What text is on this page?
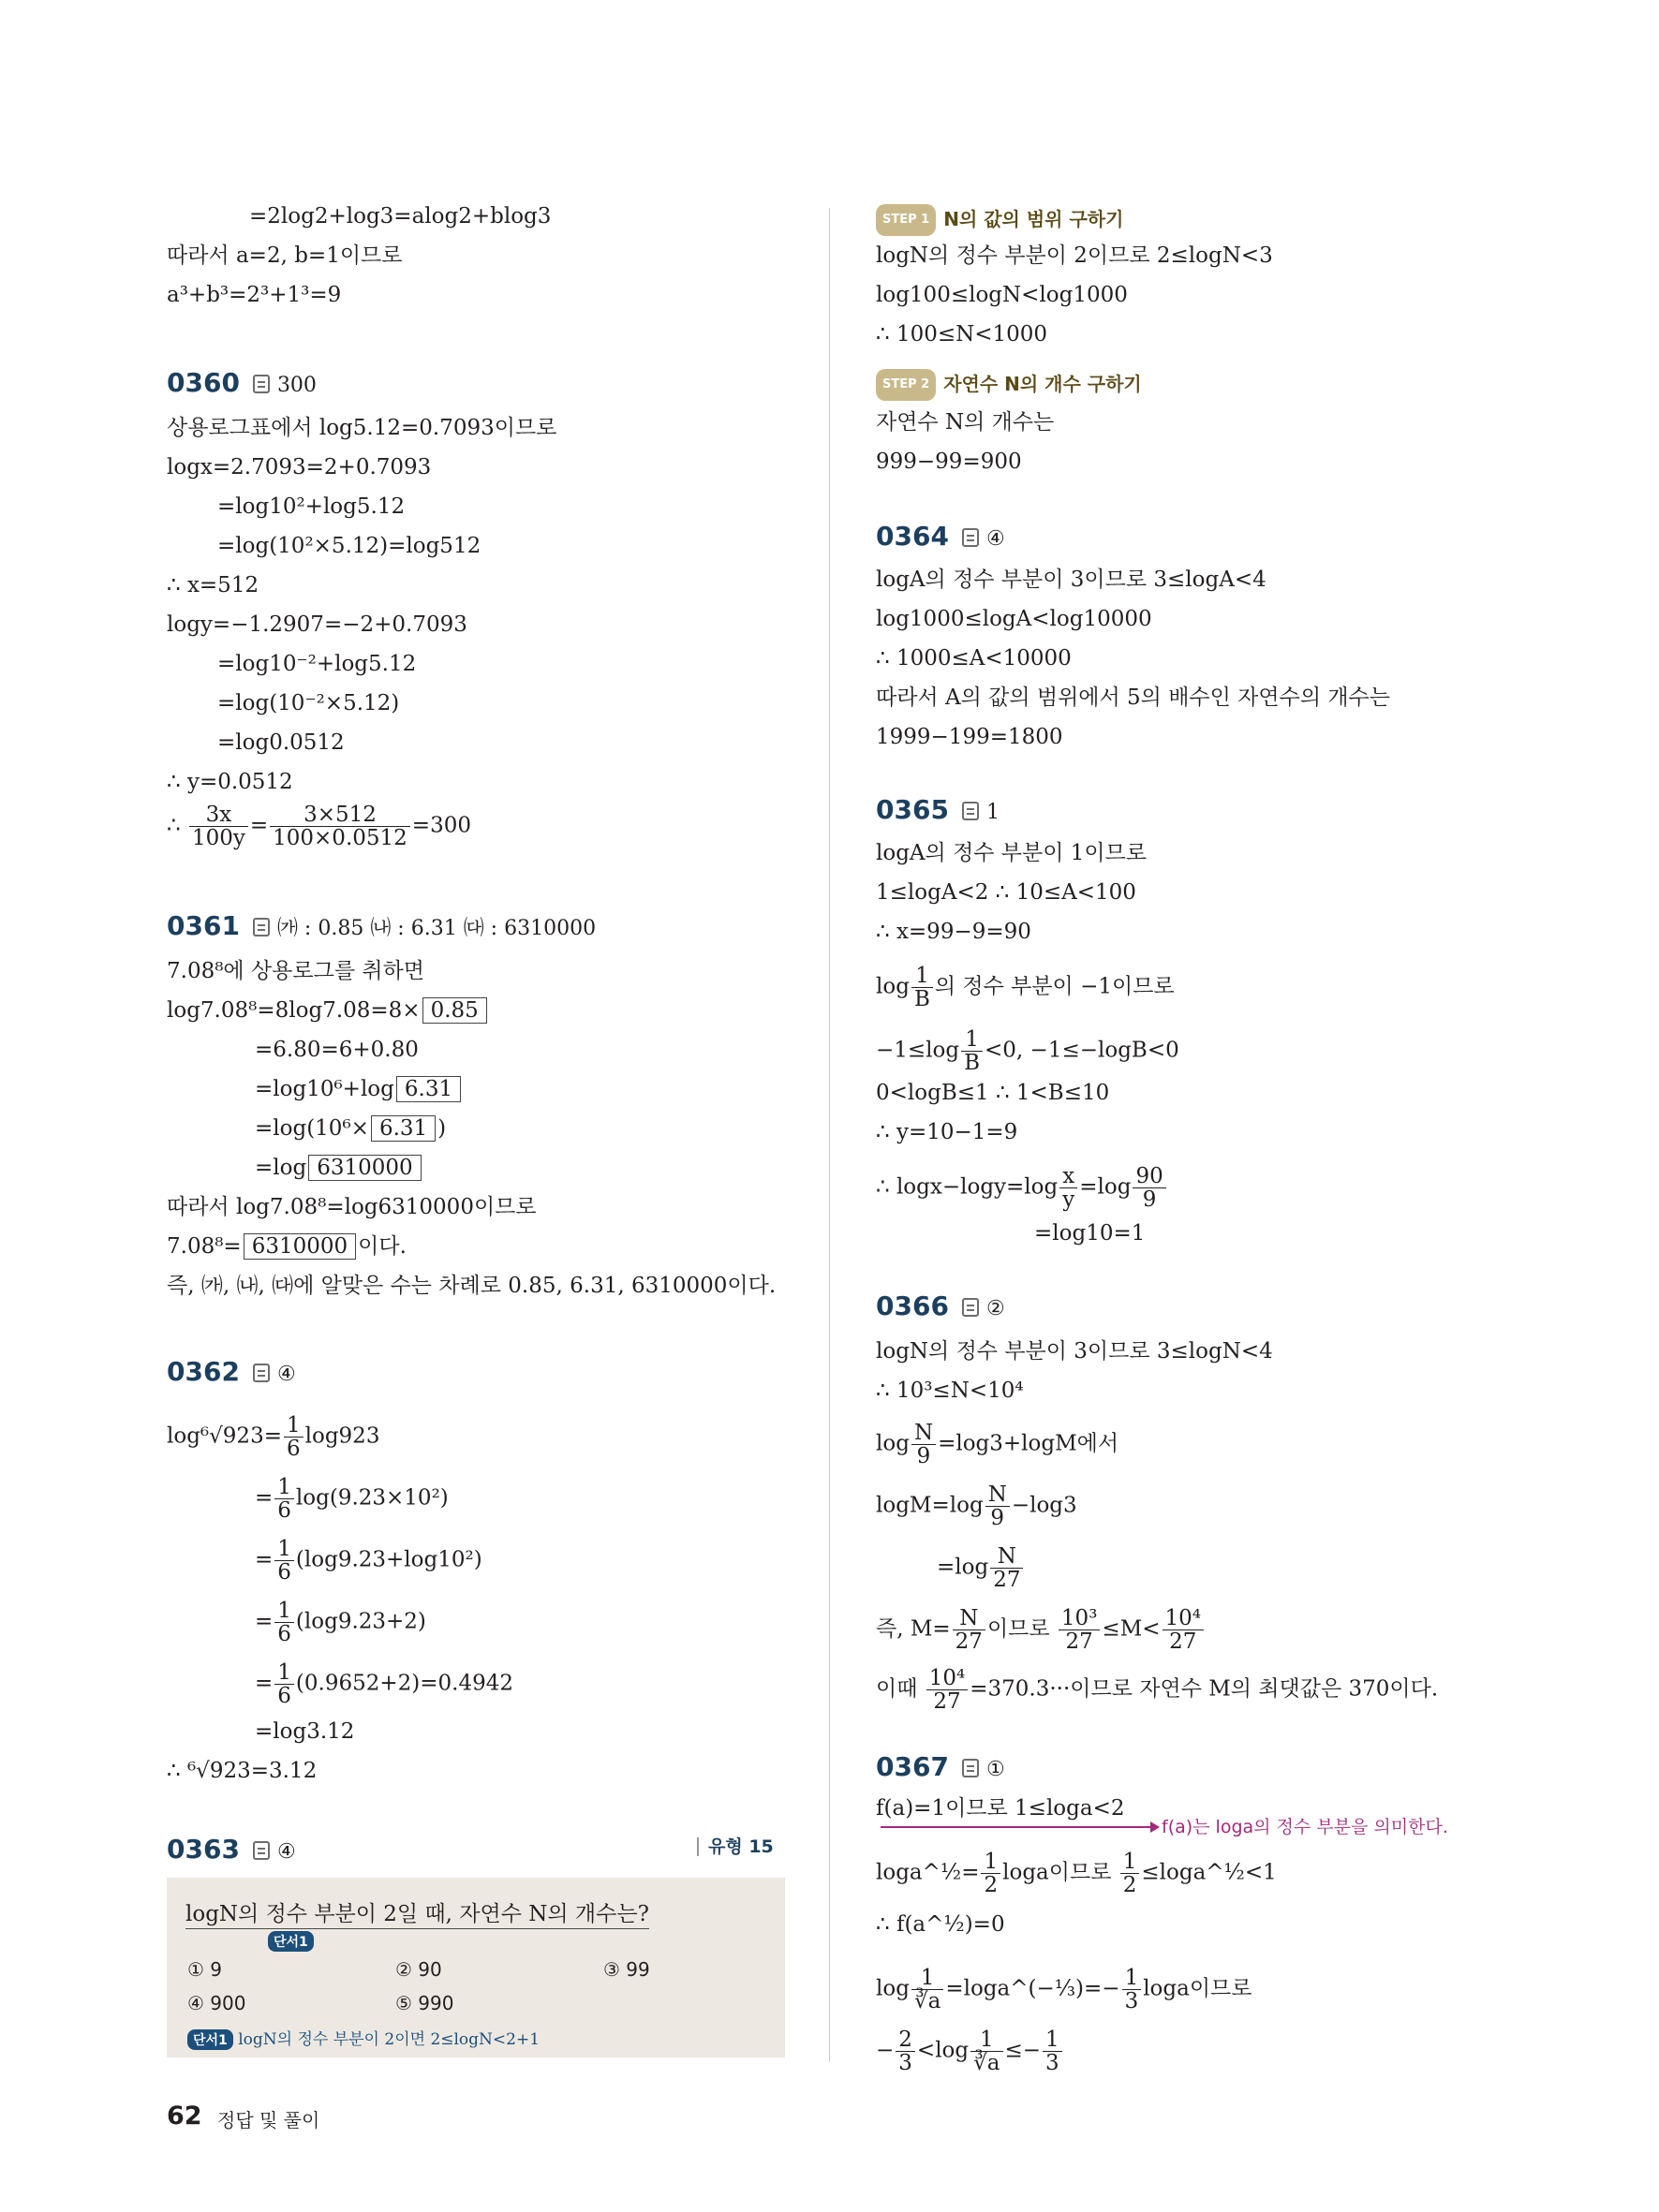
=2log2+log3=alog2+blog3
따라서 a=2, b=1이므로
a³+b³=2³+1³=9
0360 300
상용로그표에서 log5.12=0.7093이므로
logx=2.7093=2+0.7093
=log10²+log5.12
=log(10²×5.12)=log512
∴ x=512
logy=−1.2907=−2+0.7093
=log10⁻²+log5.12
=log(10⁻²×5.12)
=log0.0512
∴ y=0.0512
∴ $\frac{3x}{100y} = \frac{3\times 512}{100\times 0.0512} =300$
0361 ㈎ : 0.85 ㈏ : 6.31 ㈐ : 6310000
7.08⁸에 상용로그를 취하면
log7.08⁸=8log7.08=8× 0.85
=6.80=6+0.80
=log10⁶+log 6.31
=log(10⁶× 6.31 )
=log 6310000
따라서 log7.08⁸=log6310000이므로
7.08⁸= 6310000 이다.
즉, ㈎, ㈏, ㈐에 알맞은 수는 차례로 0.85, 6.31, 6310000이다.
0362 ④
$\log^6√923= \frac{1}{6} \log 923$
= $\frac{1}{6} \log(9.23\times 10^2)$
= $\frac{1}{6} (\log 9.23+\log 10^2)$
= $\frac{1}{6} (\log 9.23+2)$
= $\frac{1}{6} (0.9652+2)=0.4942$
=log3.12
∴ ⁶√923=3.12
0363 ④	유형 15
logN의 정수 부분이 2일 때, 자연수 N의 개수는?
단서1
① 9	② 90	③ 99
④ 900	⑤ 990
단서1 logN의 정수 부분이 2이면 2≤logN<2+1
STEP 1 N의 값의 범위 구하기
logN의 정수 부분이 2이므로 2≤logN<3
log100≤logN<log1000
∴ 100≤N<1000
STEP 2 자연수 N의 개수 구하기
자연수 N의 개수는
999−99=900
0364 ④
logA의 정수 부분이 3이므로 3≤logA<4
log1000≤logA<log10000
∴ 1000≤A<10000
따라서 A의 값의 범위에서 5의 배수인 자연수의 개수는
1999−199=1800
0365 1
logA의 정수 부분이 1이므로
1≤logA<2 ∴ 10≤A<100
∴ x=99−9=90
$\log \frac{1}{B}$ 의 정수 부분이 −1이므로
$-1\le\log \frac{1}{B} <0$, −1≤−logB<0
0<logB≤1 ∴ 1<B≤10
∴ y=10−1=9
∴ $\log x-\log y=\log \frac{x}{y} =\log \frac{90}{9}$
=log10=1
0366 ②
logN의 정수 부분이 3이므로 3≤logN<4
∴ 10³≤N<10⁴
$\log \frac{N}{9} =\log 3+\log M$에서
$\log M=\log \frac{N}{9} -\log 3$
$=\log \frac{N}{27}$
즉, $M= \frac{N}{27}$ 이므로 $\frac{\text{10³}}{27} \le M< \frac{\text{10⁴}}{27}$
이때 $\frac{\text{10⁴}}{27} =370.3\cdot\cdot\cdot$이므로 자연수 M의 최댓값은 370이다.
0367 ①
f(a)=1이므로 1≤loga<2
f(a)는 loga의 정수 부분을 의미한다.
loga^½= $\frac{1}{2}$ loga이므로 $\frac{1}{2}$ ≤loga^½<1
∴ f(a^½)=0
$\log \frac{1}{∛a}$ =loga^(−⅓)=− $\frac{1}{3}$ loga이므로
− $\frac{2}{3} <\log \frac{1}{∛a} \le- \frac{1}{3}$
62 정답 및 풀이
